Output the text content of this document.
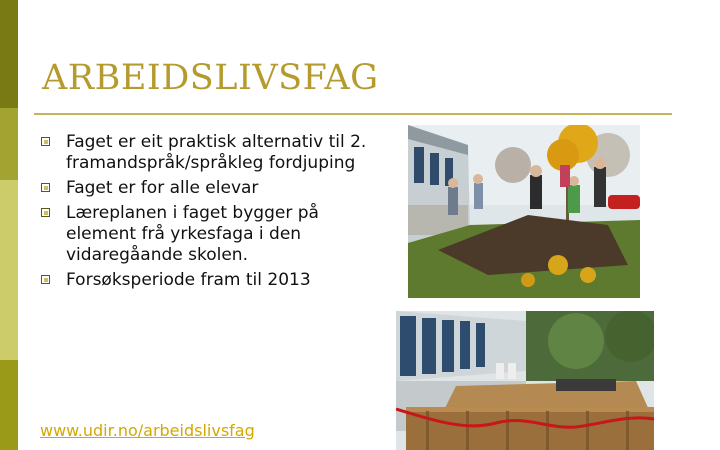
ARBEIDSLIVSFAG
Faget er eit praktisk alternativ til 2. framandspråk/språkleg fordjuping
Faget er for alle elevar
Læreplanen i faget bygger på element frå yrkesfaga i den vidaregåande skolen.
Forsøksperiode fram til 2013
www.udir.no/arbeidslivsfag
